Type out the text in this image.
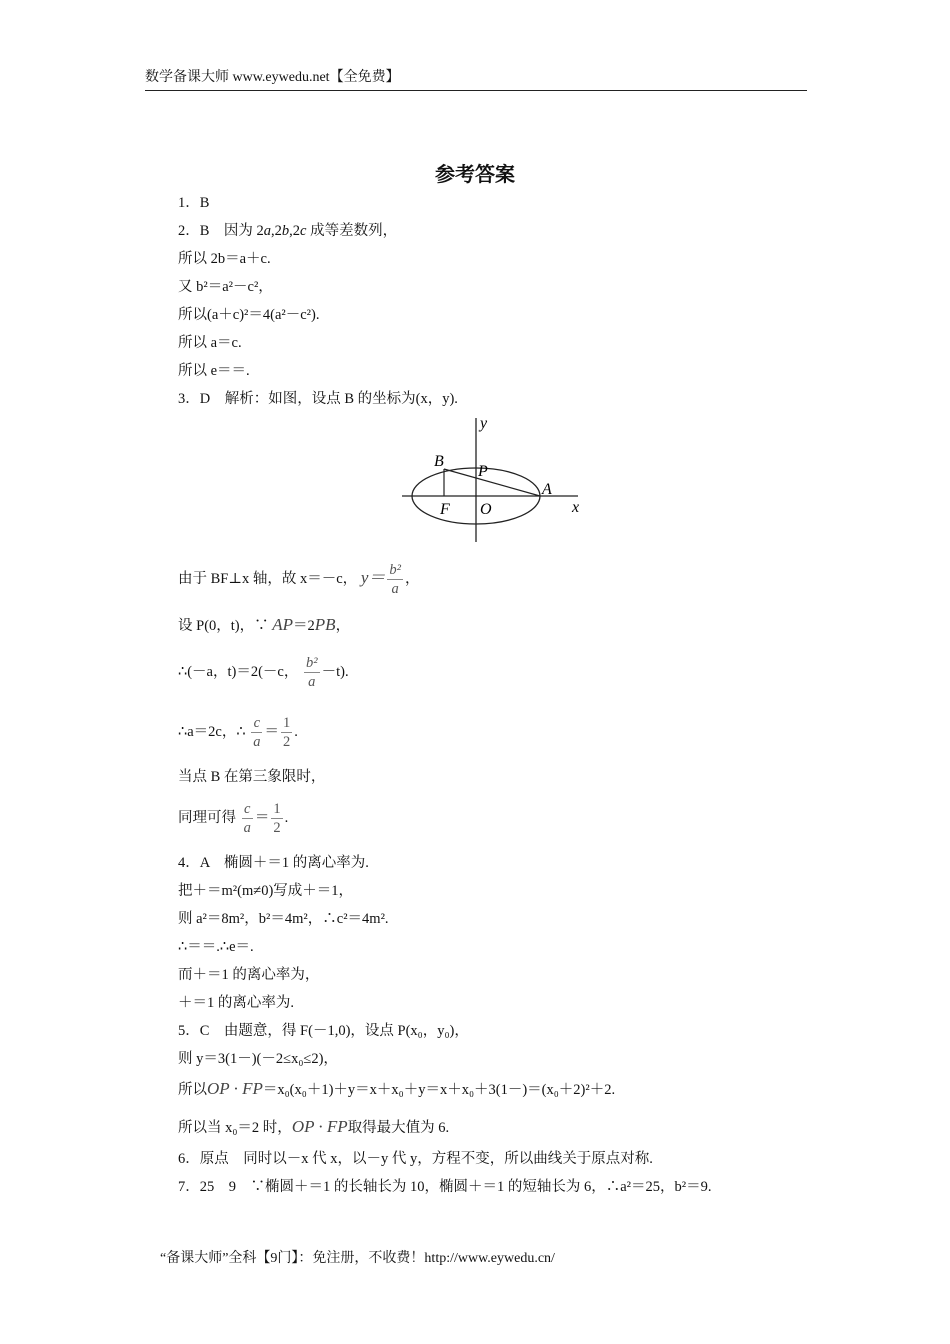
数学备课大师 www.eywedu.net【全免费】
参考答案
1．B
2．B　因为 2a,2b,2c 成等差数列，
所以 2b＝a＋c.
又 b²＝a²－c²，
所以(a＋c)²＝4(a²－c²).
所以 a＝c.
所以 e＝＝.
3．D　解析：如图，设点 B 的坐标为(x，y).
y
x
B
P
A
F O
由于 BF⊥x 轴，故 x＝－c， $y= \frac{\text{b²}}{a}$ ，
设 P(0，t)，∵ AP＝2PB，
∴(－a，t)＝2(－c， $\frac{\text{b²}}{a} -t$).
∴a＝2c，∴ $\frac{c}{a} = \frac{1}{2}$ .
当点 B 在第三象限时，
同理可得 $\frac{c}{a} = \frac{1}{2}$ .
4．A　椭圆＋＝1 的离心率为.
把＋＝m²(m≠0)写成＋＝1，
则 a²＝8m²，b²＝4m²，∴c²＝4m².
∴＝＝.∴e＝.
而＋＝1 的离心率为，
＋＝1 的离心率为.
5．C　由题意，得 F(－1,0)，设点 P(x₀，y₀)，
则 y＝3(1－)(－2≤x₀≤2)，
所以OP · FP＝x₀(x₀＋1)＋y＝x＋x₀＋y＝x＋x₀＋3(1－)＝(x₀＋2)²＋2.
所以当 x₀＝2 时，OP · FP取得最大值为 6.
6．原点　同时以－x 代 x，以－y 代 y，方程不变，所以曲线关于原点对称.
7．25　9　∵椭圆＋＝1 的长轴长为 10，椭圆＋＝1 的短轴长为 6，∴a²＝25，b²＝9.
“备课大师”全科【9门】：免注册，不收费！http://www.eywedu.cn/
